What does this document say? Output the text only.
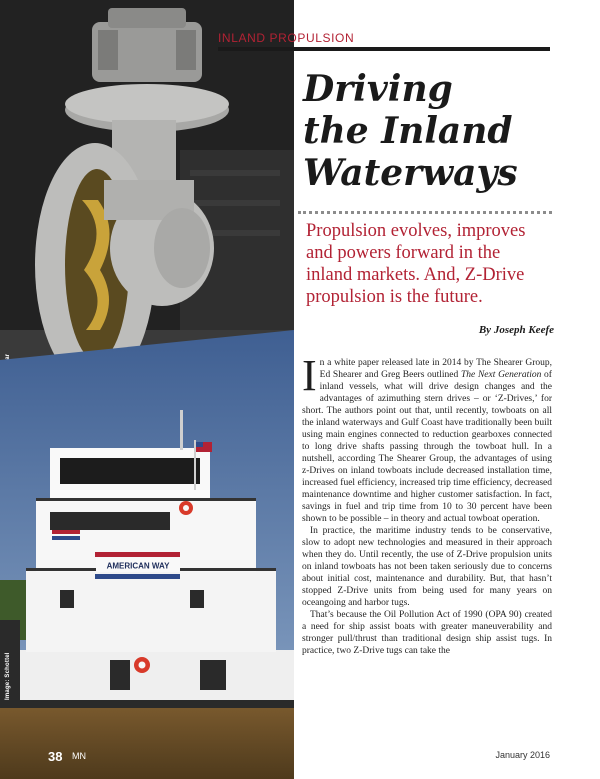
AMERICAN WAY
Image: Schottel
INLAND PROPULSION
Driving
the Inland
Waterways

Propulsion evolves, improves
and powers forward in the
inland markets. And, Z-Drive
propulsion is the future.

By Joseph Keefe

In a white paper released late in 2014 by The Shearer Group, Ed Shearer and Greg Beers outlined The Next Generation of inland vessels, what will drive design changes and the advantages of azimuthing stern drives – or ‘Z-Drives,’ for short. The authors point out that, until recently, towboats on all the inland waterways and Gulf Coast have traditionally been built using main engines connected to reduction gearboxes connected to long drive shafts passing through the towboat hull. In a nutshell, according The Shearer Group, the advantages of using z-Drives on inland towboats include decreased installation time, increased fuel efficiency, increased trip time efficiency, decreased maintenance downtime and higher customer satisfaction. In fact, savings in fuel and trip time from 10 to 30 percent have been shown to be possible – in theory and actual towboat operation.

In practice, the maritime industry tends to be conservative, slow to adopt new technologies and measured in their approach when they do. Until recently, the use of Z-Drive propulsion units on inland towboats has not been taken seriously due to concerns about initial cost, maintenance and durability. But, that hasn’t stopped Z-Drive units from being used for many years on oceangoing and harbor tugs.

That’s because the Oil Pollution Act of 1990 (OPA 90) created a need for ship assist boats with greater maneuverability and stronger pull/thrust than traditional design ship assist tugs. In practice, two Z-Drive tugs can take the

38 MN	January 2016
